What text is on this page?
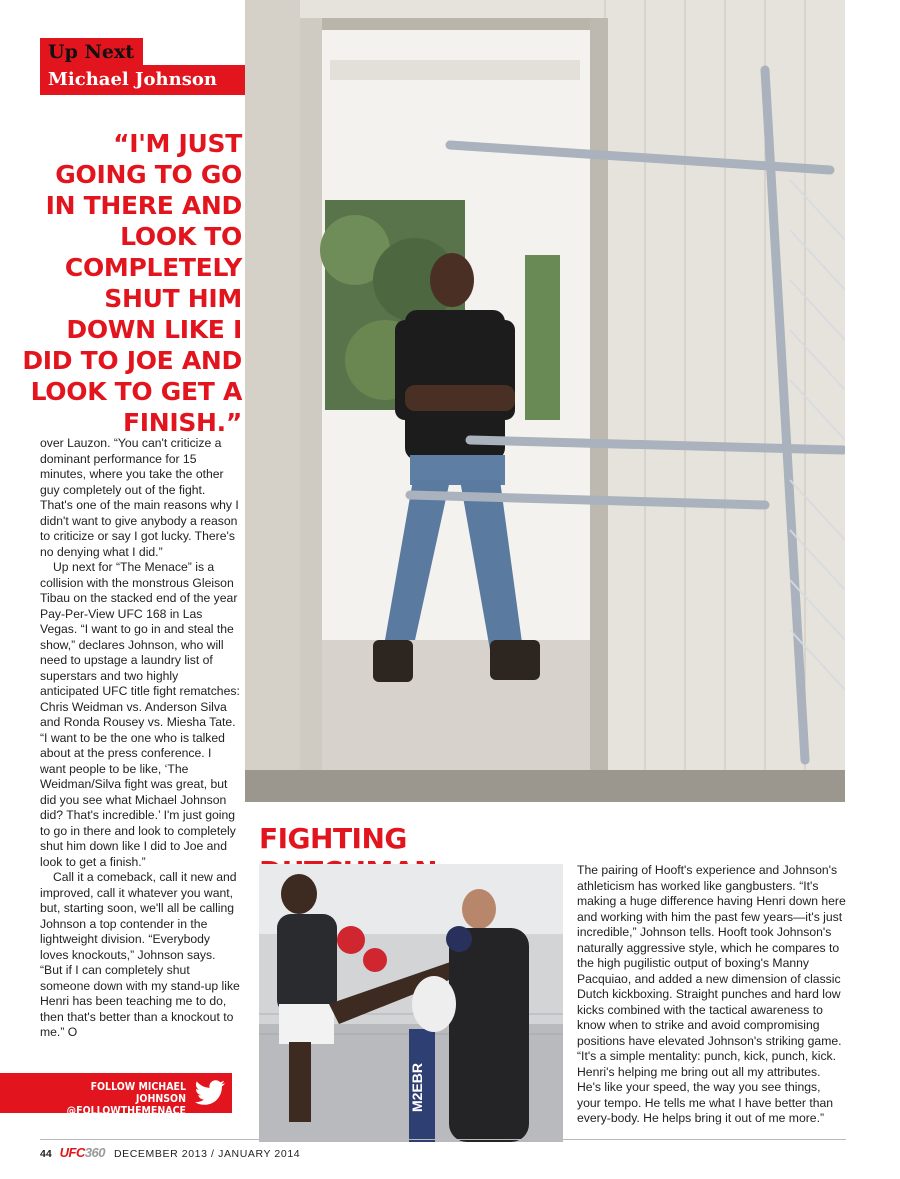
Up Next
Michael Johnson
“I'M JUST GOING TO GO IN THERE AND LOOK TO COMPLETELY SHUT HIM DOWN LIKE I DID TO JOE AND LOOK TO GET A FINISH.”

over Lauzon. “You can't criticize a dominant performance for 15 minutes, where you take the other guy completely out of the fight. That's one of the main reasons why I didn't want to give anybody a reason to criticize or say I got lucky. There's no denying what I did.”

Up next for “The Menace” is a collision with the monstrous Gleison Tibau on the stacked end of the year Pay-Per-View UFC 168 in Las Vegas. “I want to go in and steal the show,” declares Johnson, who will need to upstage a laundry list of superstars and two highly anticipated UFC title fight rematches: Chris Weidman vs. Anderson Silva and Ronda Rousey vs. Miesha Tate. “I want to be the one who is talked about at the press conference. I want people to be like, ‘The Weidman/Silva fight was great, but did you see what Michael Johnson did? That's incredible.’ I'm just going to go in there and look to completely shut him down like I did to Joe and look to get a finish.”

Call it a comeback, call it new and improved, call it whatever you want, but, starting soon, we'll all be calling Johnson a top contender in the lightweight division. “Everybody loves knockouts,” Johnson says. “But if I can completely shut someone down with my stand-up like Henri has been teaching me to do, then that's better than a knockout to me.” O

FIGHTING
M2EBR
The pairing of Hooft's experience and Johnson's athleticism has worked like gangbusters. “It's making a huge difference having Henri down here and working with him the past few years—it's just incredible,” Johnson tells. Hooft took Johnson's naturally aggressive style, which he compares to the high pugilistic output of boxing's Manny Pacquiao, and added a new dimension of classic Dutch kickboxing. Straight punches and hard low kicks combined with the tactical awareness to know when to strike and avoid compromising positions have elevated Johnson's striking game. “It's a simple mentality: punch, kick, punch, kick. Henri's helping me bring out all my attributes. He's like your speed, the way you see things, your tempo. He tells me what I have better than every-body. He helps bring it out of me more.”
FOLLOW MICHAEL JOHNSON
@FOLLOWTHEMENACE
44 UFC360 DECEMBER 2013 / JANUARY 2014
